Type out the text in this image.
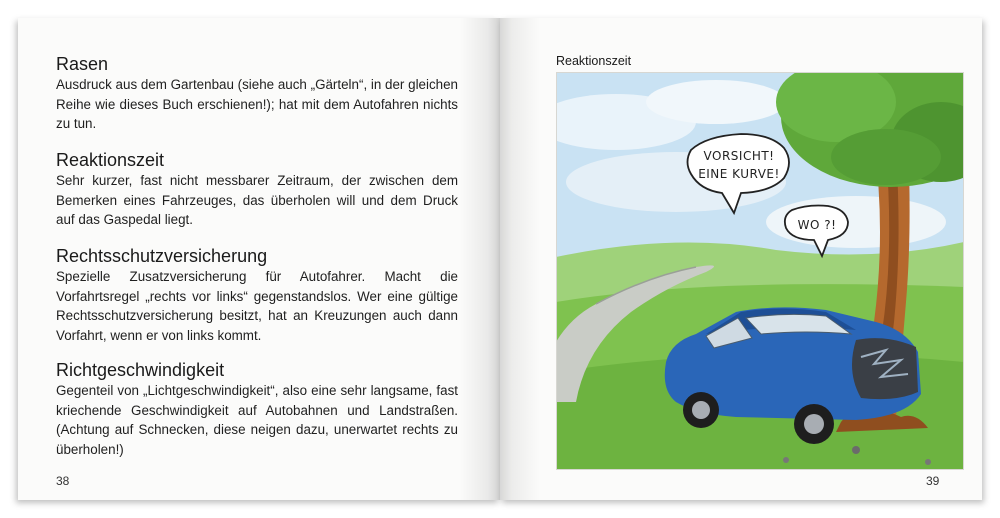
Rasen

Ausdruck aus dem Gartenbau (siehe auch „Gärteln“, in der gleichen Reihe wie dieses Buch erschienen!); hat mit dem Autofahren nichts zu tun.

Reaktionszeit

Sehr kurzer, fast nicht messbarer Zeitraum, der zwischen dem Bemerken eines Fahrzeuges, das überholen will und dem Druck auf das Gaspedal liegt.

Rechtsschutzversicherung

Spezielle Zusatzversicherung für Autofahrer. Macht die Vorfahrtsregel „rechts vor links“ gegenstandslos. Wer eine gültige Rechtsschutzversicherung besitzt, hat an Kreuzungen auch dann Vorfahrt, wenn er von links kommt.

Richtgeschwindigkeit

Gegenteil von „Lichtgeschwindigkeit“, also eine sehr langsame, fast kriechende Geschwindigkeit auf Autobahnen und Landstraßen. (Achtung auf Schnecken, diese neigen dazu, unerwartet rechts zu überholen!)

38
Reaktionszeit
VORSICHT!
EINE KURVE!
WO ?!
39
